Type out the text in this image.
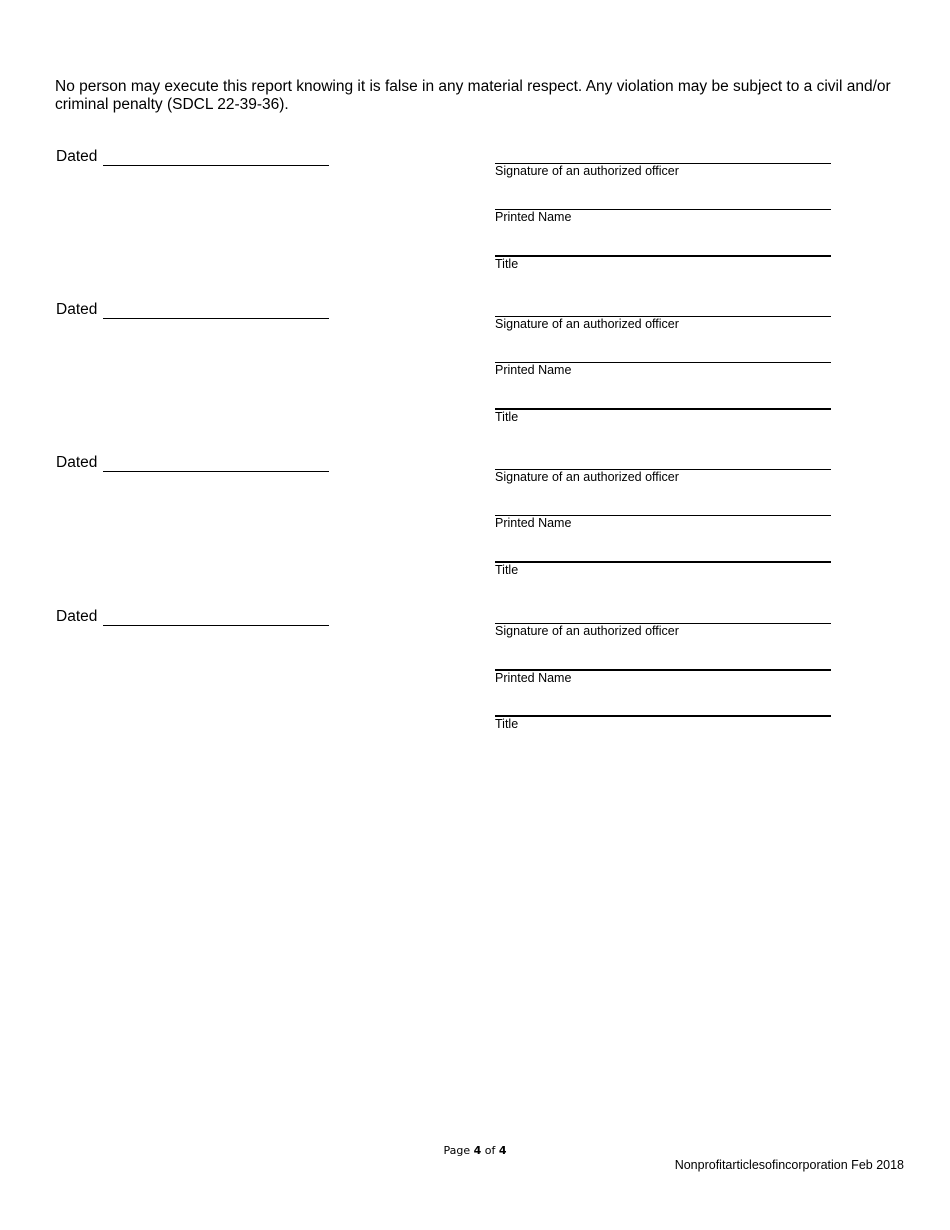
No person may execute this report knowing it is false in any material respect. Any violation may be subject to a civil and/or criminal penalty (SDCL 22-39-36).

Dated
Signature of an authorized officer
Printed Name
Title
Dated
Signature of an authorized officer
Printed Name
Title
Dated
Signature of an authorized officer
Printed Name
Title
Dated
Signature of an authorized officer
Printed Name
Title
Page 4 of 4
Nonprofitarticlesofincorporation Feb 2018
